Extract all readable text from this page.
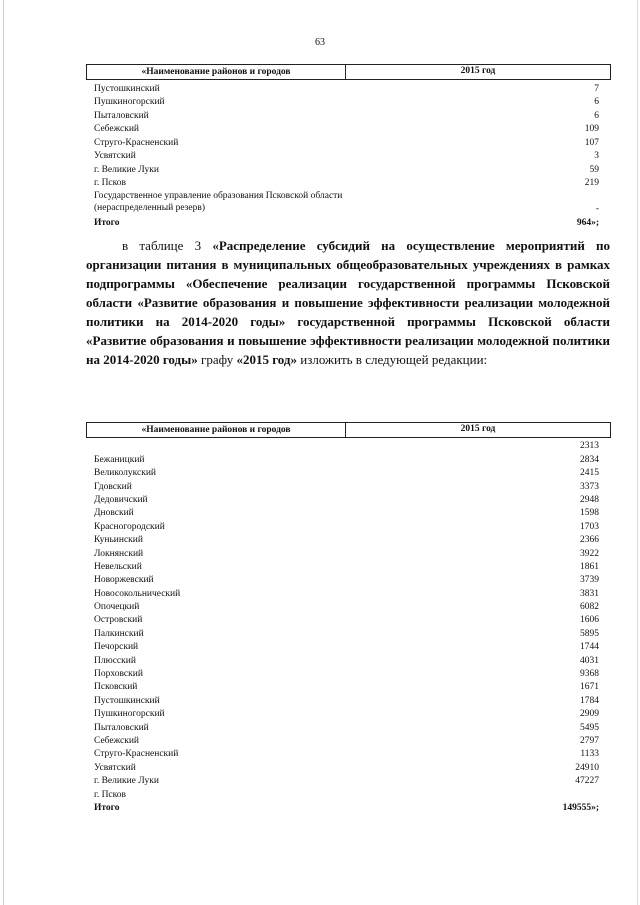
63
«Наименование районов и городов	2015 год
Пустошкинский	7
Пушкиногорский	6
Пыталовский	6
Себежский	109
Струго-Красненский	107
Усвятский	3
г. Великие Луки	59
г. Псков	219
Государственное управление образования Псковской области (нераспределенный резерв)	-
Итого	964»;

в таблице 3 «Распределение субсидий на осуществление мероприятий по организации питания в муниципальных общеобразовательных учреждениях в рамках подпрограммы «Обеспечение реализации государственной программы Псковской области «Развитие образования и повышение эффективности реализации молодежной политики на 2014-2020 годы» государственной программы Псковской области «Развитие образования и повышение эффективности реализации молодежной политики на 2014-2020 годы» графу «2015 год» изложить в следующей редакции:

«Наименование районов и городов	2015 год
2313
Бежаницкий	2834
Великолукский	2415
Гдовский	3373
Дедовичский	2948
Дновский	1598
Красногородский	1703
Куньинский	2366
Локнянский	3922
Невельский	1861
Новоржевский	3739
Новосокольнический	3831
Опочецкий	6082
Островский	1606
Палкинский	5895
Печорский	1744
Плюсский	4031
Порховский	9368
Псковский	1671
Пустошкинский	1784
Пушкиногорский	2909
Пыталовский	5495
Себежский	2797
Струго-Красненский	1133
Усвятский	24910
г. Великие Луки	47227
г. Псков
Итого	149555»;
